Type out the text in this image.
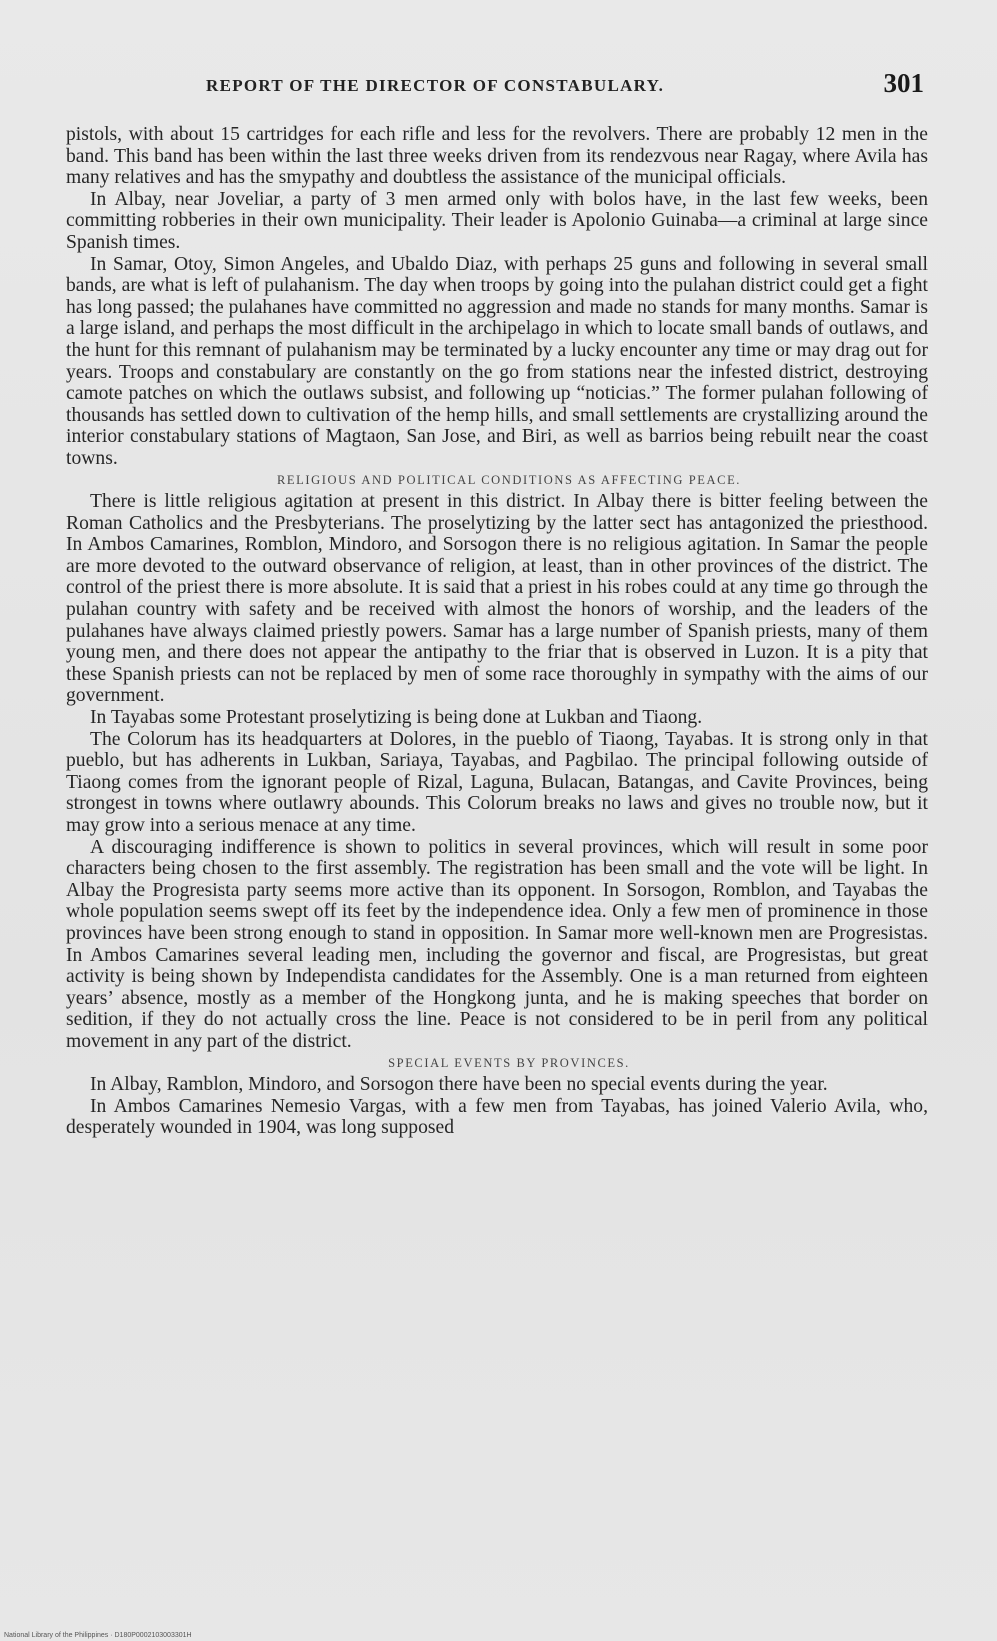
REPORT OF THE DIRECTOR OF CONSTABULARY.	301

pistols, with about 15 cartridges for each rifle and less for the revolvers. There are probably 12 men in the band. This band has been within the last three weeks driven from its rendezvous near Ragay, where Avila has many relatives and has the smypathy and doubtless the assistance of the municipal officials.

In Albay, near Joveliar, a party of 3 men armed only with bolos have, in the last few weeks, been committing robberies in their own municipality. Their leader is Apolonio Guinaba—a criminal at large since Spanish times.

In Samar, Otoy, Simon Angeles, and Ubaldo Diaz, with perhaps 25 guns and following in several small bands, are what is left of pulahanism. The day when troops by going into the pulahan district could get a fight has long passed; the pulahanes have committed no aggression and made no stands for many months. Samar is a large island, and perhaps the most difficult in the archipelago in which to locate small bands of outlaws, and the hunt for this remnant of pulahanism may be terminated by a lucky encounter any time or may drag out for years. Troops and constabulary are constantly on the go from stations near the infested district, destroying camote patches on which the outlaws subsist, and following up “noticias.” The former pulahan following of thousands has settled down to cultivation of the hemp hills, and small settlements are crystallizing around the interior constabulary stations of Magtaon, San Jose, and Biri, as well as barrios being rebuilt near the coast towns.

RELIGIOUS AND POLITICAL CONDITIONS AS AFFECTING PEACE.

There is little religious agitation at present in this district. In Albay there is bitter feeling between the Roman Catholics and the Presbyterians. The proselytizing by the latter sect has antagonized the priesthood. In Ambos Camarines, Romblon, Mindoro, and Sorsogon there is no religious agitation. In Samar the people are more devoted to the outward observance of religion, at least, than in other provinces of the district. The control of the priest there is more absolute. It is said that a priest in his robes could at any time go through the pulahan country with safety and be received with almost the honors of worship, and the leaders of the pulahanes have always claimed priestly powers. Samar has a large number of Spanish priests, many of them young men, and there does not appear the antipathy to the friar that is observed in Luzon. It is a pity that these Spanish priests can not be replaced by men of some race thoroughly in sympathy with the aims of our government.

In Tayabas some Protestant proselytizing is being done at Lukban and Tiaong.

The Colorum has its headquarters at Dolores, in the pueblo of Tiaong, Tayabas. It is strong only in that pueblo, but has adherents in Lukban, Sariaya, Tayabas, and Pagbilao. The principal following outside of Tiaong comes from the ignorant people of Rizal, Laguna, Bulacan, Batangas, and Cavite Provinces, being strongest in towns where outlawry abounds. This Colorum breaks no laws and gives no trouble now, but it may grow into a serious menace at any time.

A discouraging indifference is shown to politics in several provinces, which will result in some poor characters being chosen to the first assembly. The registration has been small and the vote will be light. In Albay the Progresista party seems more active than its opponent. In Sorsogon, Romblon, and Tayabas the whole population seems swept off its feet by the independence idea. Only a few men of prominence in those provinces have been strong enough to stand in opposition. In Samar more well-known men are Progresistas. In Ambos Camarines several leading men, including the governor and fiscal, are Progresistas, but great activity is being shown by Independista candidates for the Assembly. One is a man returned from eighteen years’ absence, mostly as a member of the Hongkong junta, and he is making speeches that border on sedition, if they do not actually cross the line. Peace is not considered to be in peril from any political movement in any part of the district.

SPECIAL EVENTS BY PROVINCES.

In Albay, Ramblon, Mindoro, and Sorsogon there have been no special events during the year.

In Ambos Camarines Nemesio Vargas, with a few men from Tayabas, has joined Valerio Avila, who, desperately wounded in 1904, was long supposed

National Library of the Philippines · D180P0002103003301H
